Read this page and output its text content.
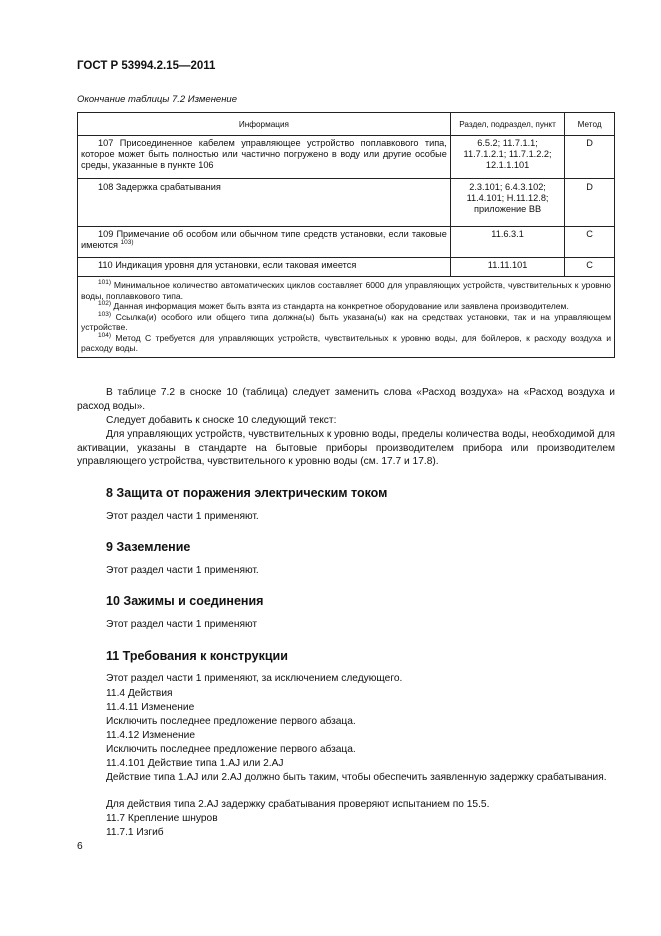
ГОСТ Р 53994.2.15—2011
Окончание таблицы 7.2 Изменение
Информация	Раздел, подраздел, пункт	Метод

107 Присоединенное кабелем управляющее устройство поплавкового типа, которое может быть полностью или частично погружено в воду или другие особые среды, указанные в пункте 106	6.5.2; 11.7.1.1;
11.7.1.2.1; 11.7.1.2.2;
12.1.1.101	D

108 Задержка срабатывания	2.3.101; 6.4.3.102;
11.4.101; H.11.12.8;
приложение ВВ	D

109 Примечание об особом или обычном типе средств установки, если таковые имеются $^{103)}$	11.6.3.1	C

110 Индикация уровня для установки, если таковая имеется	11.11.101	C

$^{101)}$ Минимальное количество автоматических циклов составляет 6000 для управляющих устройств, чувствительных к уровню воды, поплавкового типа.
$^{102)}$ Данная информация может быть взята из стандарта на конкретное оборудование или заявлена производителем.
$^{103)}$ Ссылка(и) особого или общего типа должна(ы) быть указана(ы) как на средствах установки, так и на управляющем устройстве.
$^{104)}$ Метод С требуется для управляющих устройств, чувствительных к уровню воды, для бойлеров, к расходу воздуха и расходу воды.		
В таблице 7.2 в сноске 10 (таблица) следует заменить слова «Расход воздуха» на «Расход воздуха и расход воды».
Следует добавить к сноске 10 следующий текст:
Для управляющих устройств, чувствительных к уровню воды, пределы количества воды, необходимой для активации, указаны в стандарте на бытовые приборы производителем прибора или производителем управляющего устройства, чувствительного к уровню воды (см. 17.7 и 17.8).
8 Защита от поражения электрическим током
Этот раздел части 1 применяют.
9 Заземление
Этот раздел части 1 применяют.
10 Зажимы и соединения
Этот раздел части 1 применяют
11 Требования к конструкции
Этот раздел части 1 применяют, за исключением следующего.
11.4 Действия
11.4.11 Изменение
Исключить последнее предложение первого абзаца.
11.4.12 Изменение
Исключить последнее предложение первого абзаца.
11.4.101 Действие типа 1.AJ или 2.AJ
Действие типа 1.AJ или 2.AJ должно быть таким, чтобы обеспечить заявленную задержку срабатывания.
Для действия типа 2.AJ задержку срабатывания проверяют испытанием по 15.5.
11.7 Крепление шнуров
11.7.1 Изгиб
6
